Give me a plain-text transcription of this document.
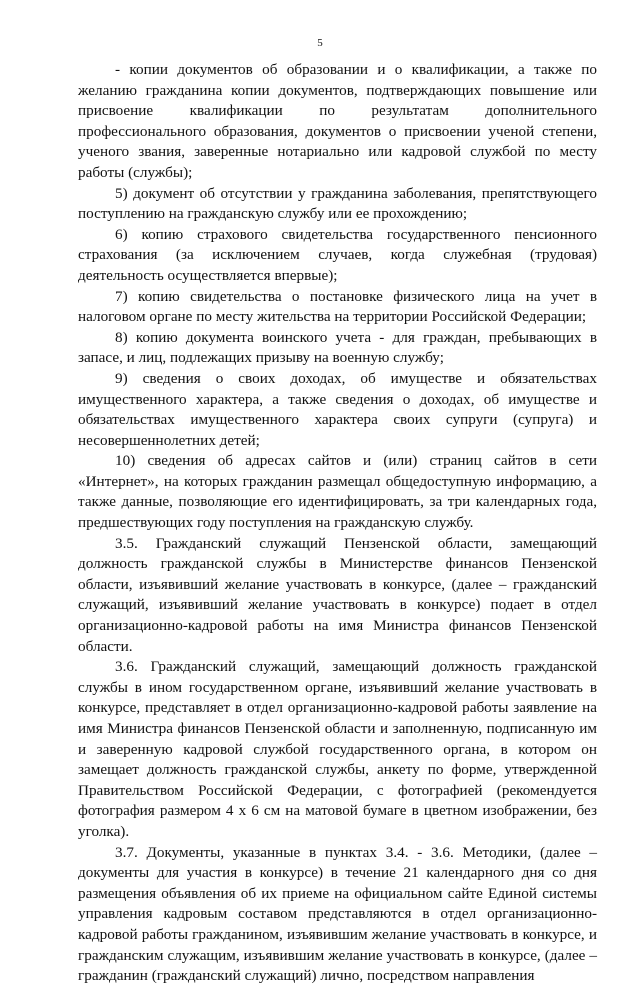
5

- копии документов об образовании и о квалификации, а также по желанию гражданина копии документов, подтверждающих повышение или присвоение квалификации по результатам дополнительного профессионального образования, документов о присвоении ученой степени, ученого звания, заверенные нотариально или кадровой службой по месту работы (службы);

5) документ об отсутствии у гражданина заболевания, препятствующего поступлению на гражданскую службу или ее прохождению;

6) копию страхового свидетельства государственного пенсионного страхования (за исключением случаев, когда служебная (трудовая) деятельность осуществляется впервые);

7) копию свидетельства о постановке физического лица на учет в налоговом органе по месту жительства на территории Российской Федерации;

8) копию документа воинского учета - для граждан, пребывающих в запасе, и лиц, подлежащих призыву на военную службу;

9) сведения о своих доходах, об имуществе и обязательствах имущественного характера, а также сведения о доходах, об имуществе и обязательствах имущественного характера своих супруги (супруга) и несовершеннолетних детей;

10) сведения об адресах сайтов и (или) страниц сайтов в сети «Интернет», на которых гражданин размещал общедоступную информацию, а также данные, позволяющие его идентифицировать, за три календарных года, предшествующих году поступления на гражданскую службу.

3.5. Гражданский служащий Пензенской области, замещающий должность гражданской службы в Министерстве финансов Пензенской области, изъявивший желание участвовать в конкурсе, (далее – гражданский служащий, изъявивший желание участвовать в конкурсе) подает в отдел организационно-кадровой работы на имя Министра финансов Пензенской области.

3.6. Гражданский служащий, замещающий должность гражданской службы в ином государственном органе, изъявивший желание участвовать в конкурсе, представляет в отдел организационно-кадровой работы заявление на имя Министра финансов Пензенской области и заполненную, подписанную им и заверенную кадровой службой государственного органа, в котором он замещает должность гражданской службы, анкету по форме, утвержденной Правительством Российской Федерации, с фотографией (рекомендуется фотография размером 4 х 6 см на матовой бумаге в цветном изображении, без уголка).

3.7. Документы, указанные в пунктах 3.4. - 3.6. Методики, (далее – документы для участия в конкурсе) в течение 21 календарного дня со дня размещения объявления об их приеме на официальном сайте Единой системы управления кадровым составом представляются в отдел организационно-кадровой работы гражданином, изъявившим желание участвовать в конкурсе, и гражданским служащим, изъявившим желание участвовать в конкурсе, (далее – гражданин (гражданский служащий) лично, посредством направления
